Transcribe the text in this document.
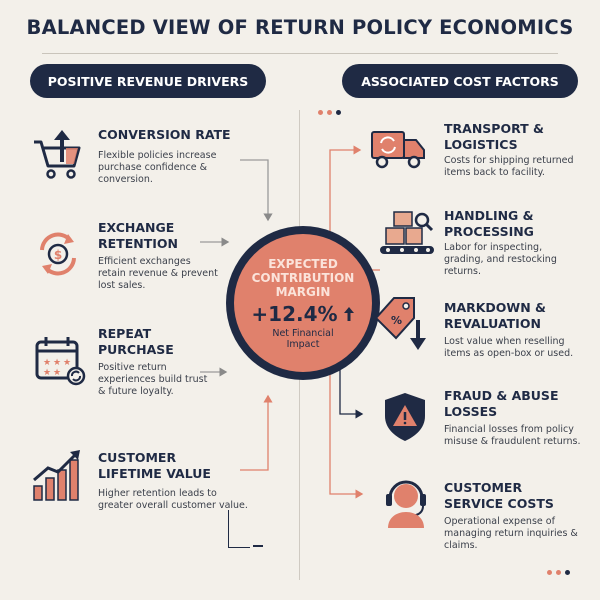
BALANCED VIEW OF RETURN POLICY ECONOMICS
POSITIVE REVENUE DRIVERS	ASSOCIATED COST FACTORS
EXPECTED
CONTRIBUTION
MARGIN
+12.4%
Net Financial
Impact
CONVERSION RATE
Flexible policies increase
purchase confidence &
conversion.
$
EXCHANGE
RETENTION
Efficient exchanges
retain revenue & prevent
lost sales.
★ ★ ★
★ ★
REPEAT
PURCHASE
Positive return
experiences build trust
& future loyalty.
CUSTOMER
LIFETIME VALUE
Higher retention leads to
greater overall customer value.
TRANSPORT &
LOGISTICS
Costs for shipping returned
items back to facility.
HANDLING &
PROCESSING
Labor for inspecting,
grading, and restocking
returns.
%
MARKDOWN &
REVALUATION
Lost value when reselling
items as open-box or used.
FRAUD & ABUSE
LOSSES
Financial losses from policy
misuse & fraudulent returns.
CUSTOMER
SERVICE COSTS
Operational expense of
managing return inquiries &
claims.
